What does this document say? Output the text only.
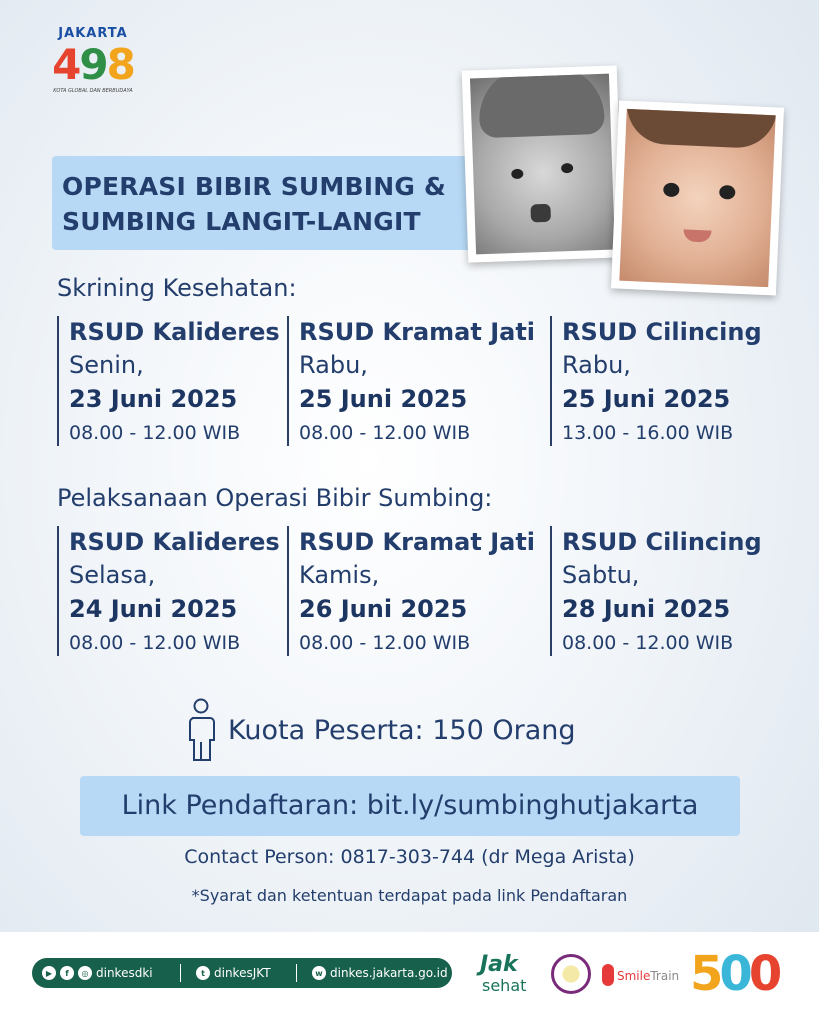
JAKARTA
498
KOTA GLOBAL DAN BERBUDAYA
OPERASI BIBIR SUMBING &
SUMBING LANGIT-LANGIT
Skrining Kesehatan:
RSUD Kalideres
Senin,
23 Juni 2025
08.00 - 12.00 WIB
RSUD Kramat Jati
Rabu,
25 Juni 2025
08.00 - 12.00 WIB
RSUD Cilincing
Rabu,
25 Juni 2025
13.00 - 16.00 WIB
Pelaksanaan Operasi Bibir Sumbing:
RSUD Kalideres
Selasa,
24 Juni 2025
08.00 - 12.00 WIB
RSUD Kramat Jati
Kamis,
26 Juni 2025
08.00 - 12.00 WIB
RSUD Cilincing
Sabtu,
28 Juni 2025
08.00 - 12.00 WIB
Kuota Peserta: 150 Orang
Link Pendaftaran: bit.ly/sumbinghutjakarta
Contact Person: 0817-303-744 (dr Mega Arista)
*Syarat dan ketentuan terdapat pada link Pendaftaran
▶	f	◎ dinkesdki	t dinkesJKT	w dinkes.jakarta.go.id Jak
sehat	SmileTrain 500
